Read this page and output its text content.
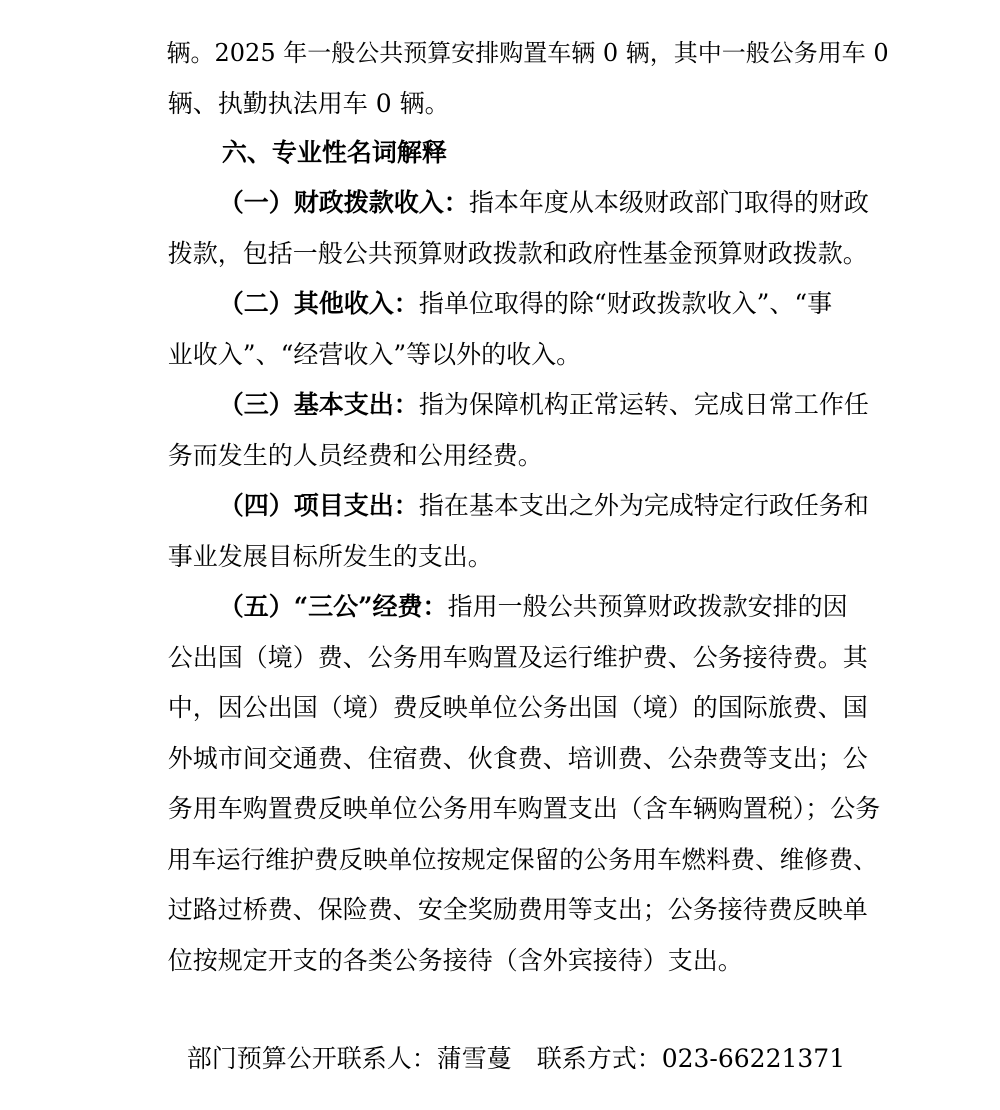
辆。2025 年一般公共预算安排购置车辆 0 辆，其中一般公务用车 0

辆、执勤执法用车 0 辆。

六、专业性名词解释

（一）财政拨款收入：指本年度从本级财政部门取得的财政

拨款，包括一般公共预算财政拨款和政府性基金预算财政拨款。

（二）其他收入：指单位取得的除“财政拨款收入”、“事

业收入”、“经营收入”等以外的收入。

（三）基本支出：指为保障机构正常运转、完成日常工作任

务而发生的人员经费和公用经费。

（四）项目支出：指在基本支出之外为完成特定行政任务和

事业发展目标所发生的支出。

（五）“三公”经费：指用一般公共预算财政拨款安排的因

公出国（境）费、公务用车购置及运行维护费、公务接待费。其

中，因公出国（境）费反映单位公务出国（境）的国际旅费、国

外城市间交通费、住宿费、伙食费、培训费、公杂费等支出；公

务用车购置费反映单位公务用车购置支出（含车辆购置税）；公务

用车运行维护费反映单位按规定保留的公务用车燃料费、维修费、

过路过桥费、保险费、安全奖励费用等支出；公务接待费反映单

位按规定开支的各类公务接待（含外宾接待）支出。

部门预算公开联系人：蒲雪蔓　联系方式：023-66221371
